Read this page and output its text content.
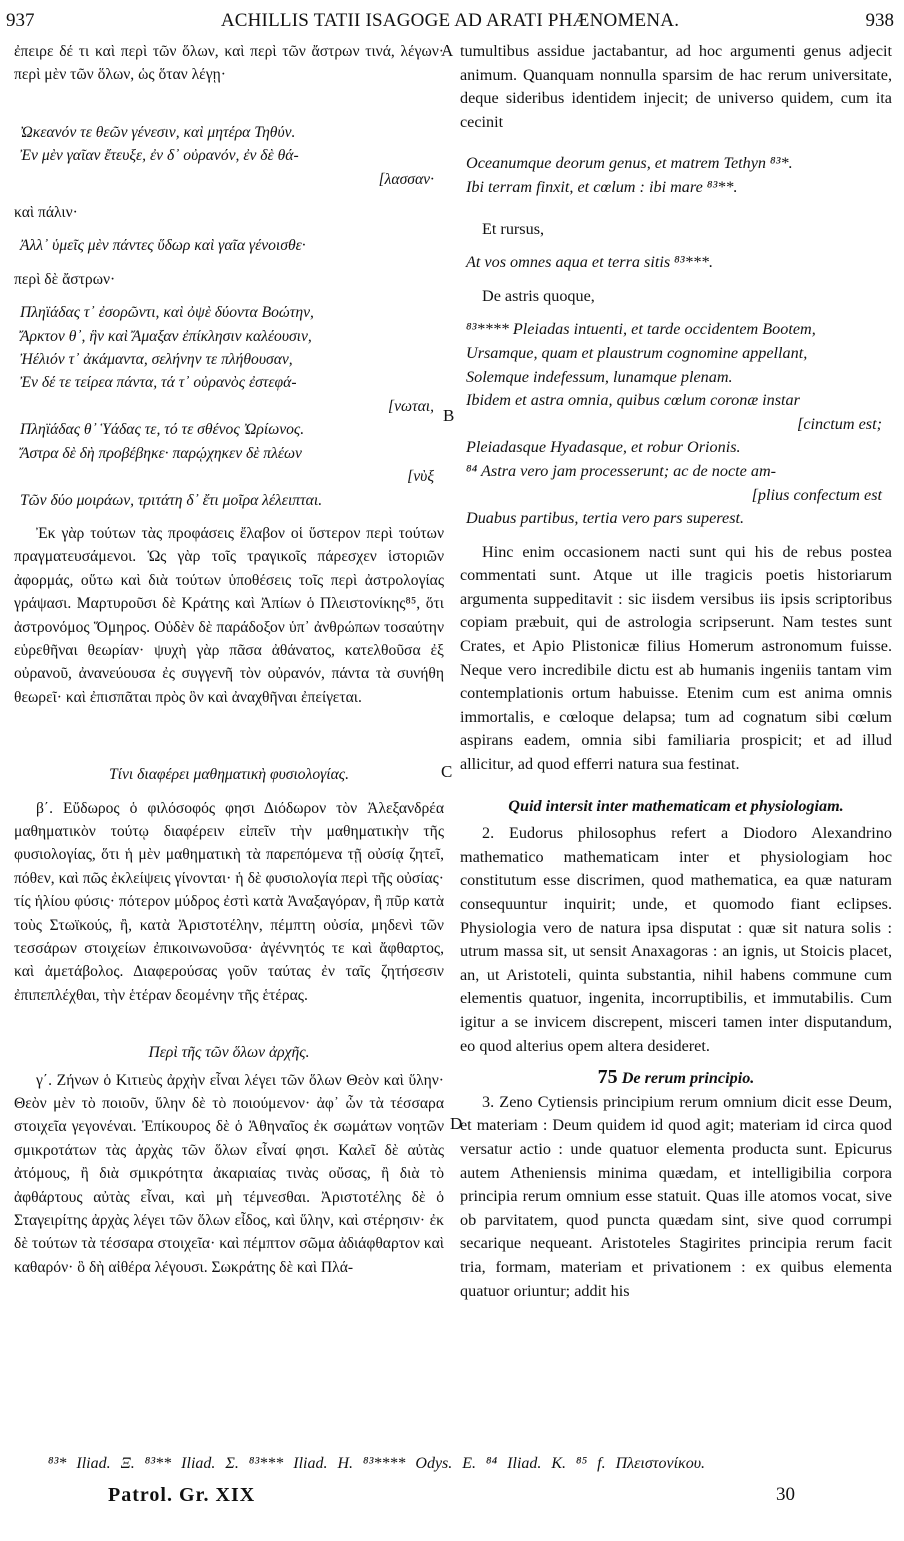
937	ACHILLIS TATII ISAGOGE AD ARATI PHÆNOMENA.	938
A
B
C
D

ἐπειρε δέ τι καὶ περὶ τῶν ὅλων, καὶ περὶ τῶν ἄστρων τινά, λέγων· περὶ μὲν τῶν ὅλων, ὡς ὅταν λέγῃ·

Ὠκεανόν τε θεῶν γένεσιν, καὶ μητέρα Τηθύν.
Ἐν μὲν γαῖαν ἔτευξε, ἐν δ᾽ οὐρανόν, ἐν δὲ θά-
[λασσαν·

καὶ πάλιν·

Ἀλλ᾽ ὑμεῖς μὲν πάντες ὕδωρ καὶ γαῖα γένοισθε·

περὶ δὲ ἄστρων·

Πληϊάδας τ᾽ ἐσορῶντι, καὶ ὀψὲ δύοντα Βοώτην,
Ἄρκτον θ᾽, ἣν καὶ Ἄμαξαν ἐπίκλησιν καλέουσιν,
Ἠέλιόν τ᾽ ἀκάμαντα, σελήνην τε πλήθουσαν,
Ἐν δέ τε τείρεα πάντα, τά τ᾽ οὐρανὸς ἐστεφά-
[νωται,
Πληϊάδας θ᾽ Ὑάδας τε, τό τε σθένος Ὠρίωνος.
Ἄστρα δὲ δὴ προβέβηκε· παρῴχηκεν δὲ πλέων
[νὺξ
Τῶν δύο μοιράων, τριτάτη δ᾽ ἔτι μοῖρα λέλειπται.

Ἐκ γὰρ τούτων τὰς προφάσεις ἔλαβον οἱ ὕστερον περὶ τούτων πραγματευσάμενοι. Ὡς γὰρ τοῖς τραγικοῖς πάρεσχεν ἱστοριῶν ἀφορμάς, οὕτω καὶ διὰ τούτων ὑποθέσεις τοῖς περὶ ἀστρολογίας γράψασι. Μαρτυροῦσι δὲ Κράτης καὶ Ἀπίων ὁ Πλειστονίκης⁸⁵, ὅτι ἀστρονόμος Ὅμηρος. Οὐδὲν δὲ παράδοξον ὑπ᾽ ἀνθρώπων τοσαύτην εὑρεθῆναι θεωρίαν· ψυχὴ γὰρ πᾶσα ἀθάνατος, κατελθοῦσα ἐξ οὐρανοῦ, ἀνανεύουσα ἐς συγγενῆ τὸν οὐρανόν, πάντα τὰ συνήθη θεωρεῖ· καὶ ἐπισπᾶται πρὸς ὃν καὶ ἀναχθῆναι ἐπείγεται.

Τίνι διαφέρει μαθηματικὴ φυσιολογίας.

β΄. Εὔδωρος ὁ φιλόσοφός φησι Διόδωρον τὸν Ἀλεξανδρέα μαθηματικὸν τούτῳ διαφέρειν εἰπεῖν τὴν μαθηματικὴν τῆς φυσιολογίας, ὅτι ἡ μὲν μαθηματικὴ τὰ παρεπόμενα τῇ οὐσίᾳ ζητεῖ, πόθεν, καὶ πῶς ἐκλείψεις γίνονται· ἡ δὲ φυσιολογία περὶ τῆς οὐσίας· τίς ἡλίου φύσις· πότερον μύδρος ἐστὶ κατὰ Ἀναξαγόραν, ἢ πῦρ κατὰ τοὺς Στωϊκούς, ἢ, κατὰ Ἀριστοτέλην, πέμπτη οὐσία, μηδενὶ τῶν τεσσάρων στοιχείων ἐπικοινωνοῦσα· ἀγέννητός τε καὶ ἄφθαρτος, καὶ ἀμετάβολος. Διαφερούσας γοῦν ταύτας ἐν ταῖς ζητήσεσιν ἐπιπεπλέχθαι, τὴν ἑτέραν δεομένην τῆς ἑτέρας.

Περὶ τῆς τῶν ὅλων ἀρχῆς.

γ΄. Ζήνων ὁ Κιτιεὺς ἀρχὴν εἶναι λέγει τῶν ὅλων Θεὸν καὶ ὕλην· Θεὸν μὲν τὸ ποιοῦν, ὕλην δὲ τὸ ποιούμενον· ἀφ᾽ ὧν τὰ τέσσαρα στοιχεῖα γεγονέναι. Ἐπίκουρος δὲ ὁ Ἀθηναῖος ἐκ σωμάτων νοητῶν σμικροτάτων τὰς ἀρχὰς τῶν ὅλων εἶναί φησι. Καλεῖ δὲ αὐτὰς ἀτόμους, ἢ διὰ σμικρότητα ἀκαριαίας τινὰς οὔσας, ἢ διὰ τὸ ἀφθάρτους αὐτὰς εἶναι, καὶ μὴ τέμνεσθαι. Ἀριστοτέλης δὲ ὁ Σταγειρίτης ἀρχὰς λέγει τῶν ὅλων εἶδος, καὶ ὕλην, καὶ στέρησιν· ἐκ δὲ τούτων τὰ τέσσαρα στοιχεῖα· καὶ πέμπτον σῶμα ἀδιάφθαρτον καὶ καθαρόν· ὃ δὴ αἰθέρα λέγουσι. Σωκράτης δὲ καὶ Πλά-

tumultibus assidue jactabantur, ad hoc argumenti genus adjecit animum. Quanquam nonnulla sparsim de hac rerum universitate, deque sideribus identidem injecit; de universo quidem, cum ita cecinit

Oceanumque deorum genus, et matrem Tethyn ⁸³*.
Ibi terram finxit, et cœlum : ibi mare ⁸³**.

Et rursus,

At vos omnes aqua et terra sitis ⁸³***.

De astris quoque,

⁸³**** Pleiadas intuenti, et tarde occidentem Bootem,
Ursamque, quam et plaustrum cognomine appellant,
Solemque indefessum, lunamque plenam.
Ibidem et astra omnia, quibus cœlum coronæ instar
[cinctum est;
Pleiadasque Hyadasque, et robur Orionis.
⁸⁴ Astra vero jam processerunt; ac de nocte am-
[plius confectum est
Duabus partibus, tertia vero pars superest.

Hinc enim occasionem nacti sunt qui his de rebus postea commentati sunt. Atque ut ille tragicis poetis historiarum argumenta suppeditavit : sic iisdem versibus iis ipsis scriptoribus copiam præbuit, qui de astrologia scripserunt. Nam testes sunt Crates, et Apio Plistonicæ filius Homerum astronomum fuisse. Neque vero incredibile dictu est ab humanis ingeniis tantam vim contemplationis ortum habuisse. Etenim cum est anima omnis immortalis, e cœloque delapsa; tum ad cognatum sibi cœlum aspirans eadem, omnia sibi familiaria prospicit; et ad illud allicitur, ad quod efferri natura sua festinat.

Quid intersit inter mathematicam et physiologiam.

2. Eudorus philosophus refert a Diodoro Alexandrino mathematico mathematicam inter et physiologiam hoc constitutum esse discrimen, quod mathematica, ea quæ naturam consequuntur inquirit; unde, et quomodo fiant eclipses. Physiologia vero de natura ipsa disputat : quæ sit natura solis : utrum massa sit, ut sensit Anaxagoras : an ignis, ut Stoicis placet, an, ut Aristoteli, quinta substantia, nihil habens commune cum elementis quatuor, ingenita, incorruptibilis, et immutabilis. Cum igitur a se invicem discrepent, misceri tamen inter disputandum, eo quod alterius opem altera desideret.

75 De rerum principio.

3. Zeno Cytiensis principium rerum omnium dicit esse Deum, et materiam : Deum quidem id quod agit; materiam id circa quod versatur actio : unde quatuor elementa producta sunt. Epicurus autem Atheniensis minima quædam, et intelligibilia corpora principia rerum omnium esse statuit. Quas ille atomos vocat, sive ob parvitatem, quod puncta quædam sint, sive quod corrumpi secarique nequeant. Aristoteles Stagirites principia rerum facit tria, formam, materiam et privationem : ex quibus elementa quatuor oriuntur; addit his

⁸³* Iliad. Ξ. ⁸³** Iliad. Σ. ⁸³*** Iliad. Η. ⁸³**** Odys. Ε. ⁸⁴ Iliad. Κ. ⁸⁵ f. Πλειστονίκου.
Patrol. Gr. XIX	30
